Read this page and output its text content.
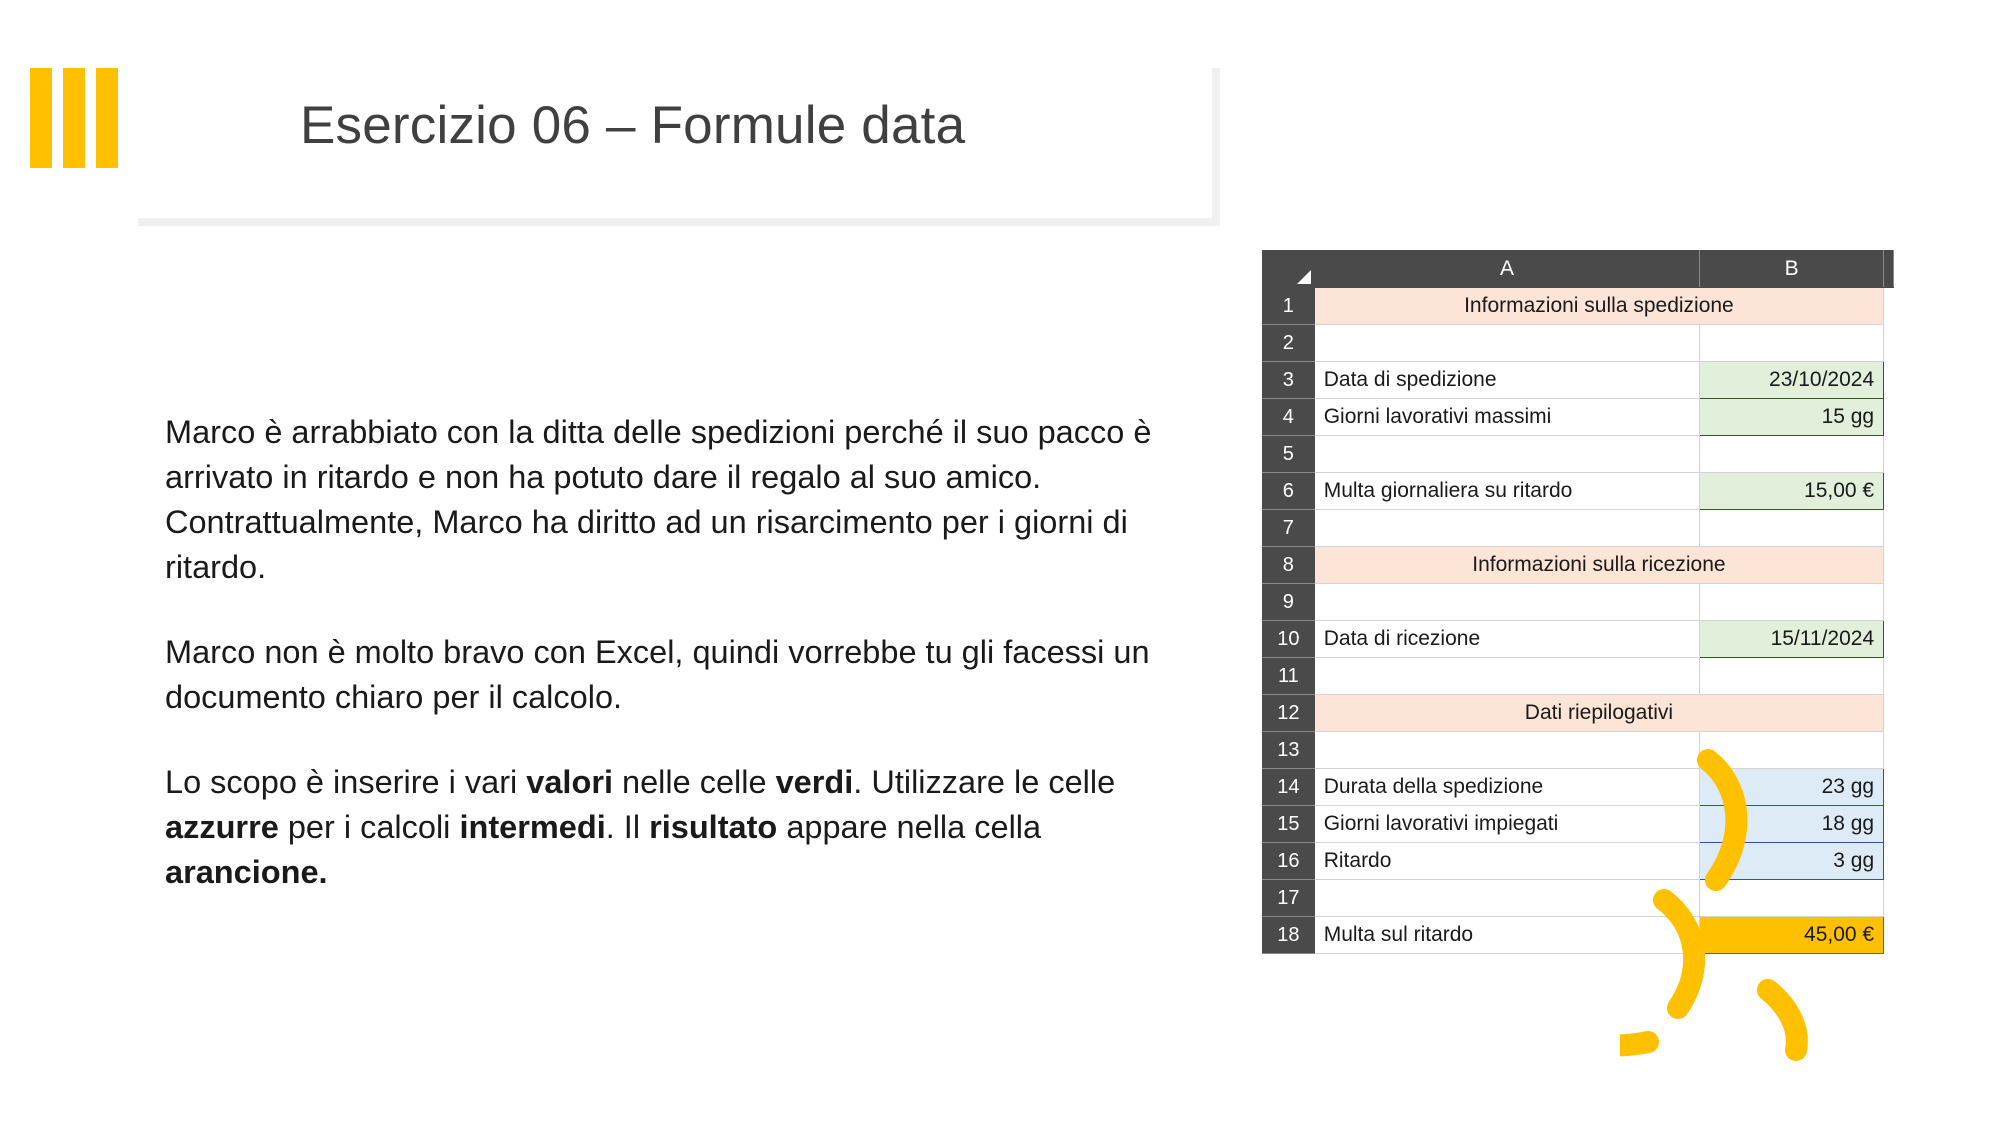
Esercizio 06 – Formule data

Marco è arrabbiato con la ditta delle spedizioni perché il suo pacco è arrivato in ritardo e non ha potuto dare il regalo al suo amico. Contrattualmente, Marco ha diritto ad un risarcimento per i giorni di ritardo.

Marco non è molto bravo con Excel, quindi vorrebbe tu gli facessi un documento chiaro per il calcolo.

Lo scopo è inserire i vari valori nelle celle verdi. Utilizzare le celle azzurre per i calcoli intermedi. Il risultato appare nella cella arancione.

	A	B	
1	Informazioni sulla spedizione		
2			
3	Data di spedizione	23/10/2024	
4	Giorni lavorativi massimi	15 gg	
5			
6	Multa giornaliera su ritardo	15,00 €	
7			
8	Informazioni sulla ricezione		
9			
10	Data di ricezione	15/11/2024	
11			
12	Dati riepilogativi		
13			
14	Durata della spedizione	23 gg	
15	Giorni lavorativi impiegati	18 gg	
16	Ritardo	3 gg	
17			
18	Multa sul ritardo	45,00 €	
